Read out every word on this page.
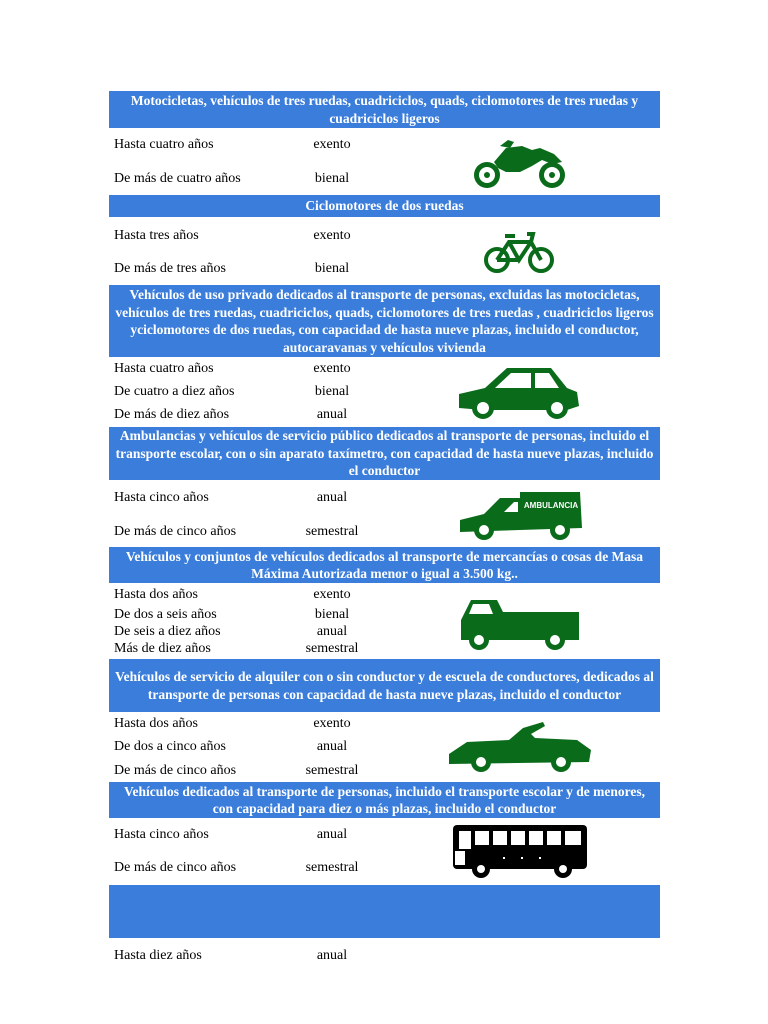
Motocicletas, vehículos de tres ruedas, cuadriciclos, quads, ciclomotores de tres ruedas y cuadriciclos ligeros
Hasta cuatro años	exento
De más de cuatro años	bienal
Ciclomotores de dos ruedas
Hasta tres años	exento
De más de tres años	bienal
Vehículos de uso privado dedicados al transporte de personas, excluidas las motocicletas, vehículos de tres ruedas, cuadriciclos, quads, ciclomotores de tres ruedas , cuadriciclos ligeros yciclomotores de dos ruedas, con capacidad de hasta nueve plazas, incluido el conductor, autocaravanas y vehículos vivienda
Hasta cuatro años	exento
De cuatro a diez años	bienal
De más de diez años	anual
Ambulancias y vehículos de servicio público dedicados al transporte de personas, incluido el transporte escolar, con o sin aparato taxímetro, con capacidad de hasta nueve plazas, incluido el conductor
Hasta cinco años	anual
De más de cinco años	semestral
AMBULANCIA
Vehículos y conjuntos de vehículos dedicados al transporte de mercancías o cosas de Masa Máxima Autorizada menor o igual a 3.500 kg..
Hasta dos años	exento
De dos a seis años	bienal
De seis a diez años	anual
Más de diez años	semestral
Vehículos de servicio de alquiler con o sin conductor y de escuela de conductores, dedicados al transporte de personas con capacidad de hasta nueve plazas, incluido el conductor
Hasta dos años	exento
De dos a cinco años	anual
De más de cinco años	semestral
Vehículos dedicados al transporte de personas, incluido el transporte escolar y de menores, con capacidad para diez o más plazas, incluido el conductor
Hasta cinco años	anual
De más de cinco años	semestral
Hasta diez años	anual
